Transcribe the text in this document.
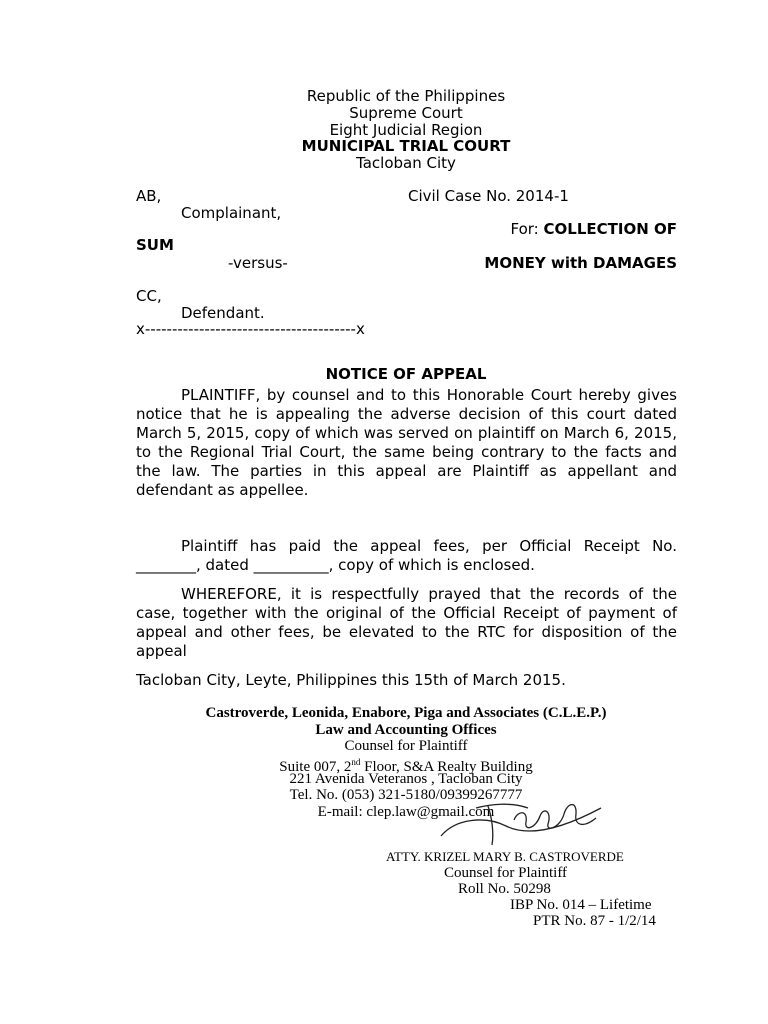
Republic of the Philippines
Supreme Court
Eight Judicial Region
MUNICIPAL TRIAL COURT
Tacloban City
AB,
Complainant,
SUM
-versus-
CC,
Defendant.
x---------------------------------------x
Civil Case No. 2014-1
For: COLLECTION OF
MONEY with DAMAGES
NOTICE OF APPEAL

PLAINTIFF, by counsel and to this Honorable Court hereby gives notice that he is appealing the adverse decision of this court dated March 5, 2015, copy of which was served on plaintiff on March 6, 2015, to the Regional Trial Court, the same being contrary to the facts and the law. The parties in this appeal are Plaintiff as appellant and defendant as appellee.

Plaintiff has paid the appeal fees, per Official Receipt No. ________, dated __________, copy of which is enclosed.

WHEREFORE, it is respectfully prayed that the records of the case, together with the original of the Official Receipt of payment of appeal and other fees, be elevated to the RTC for disposition of the appeal

Tacloban City, Leyte, Philippines this 15th of March 2015.
Castroverde, Leonida, Enabore, Piga and Associates (C.L.E.P.)
Law and Accounting Offices
Counsel for Plaintiff
Suite 007, 2nd Floor, S&A Realty Building
221 Avenida Veteranos , Tacloban City
Tel. No. (053) 321-5180/09399267777
E-mail: clep.law@gmail.com
ATTY. KRIZEL MARY B. CASTROVERDE
Counsel for Plaintiff
Roll No. 50298
IBP No. 014 – Lifetime
PTR No. 87 - 1/2/14
